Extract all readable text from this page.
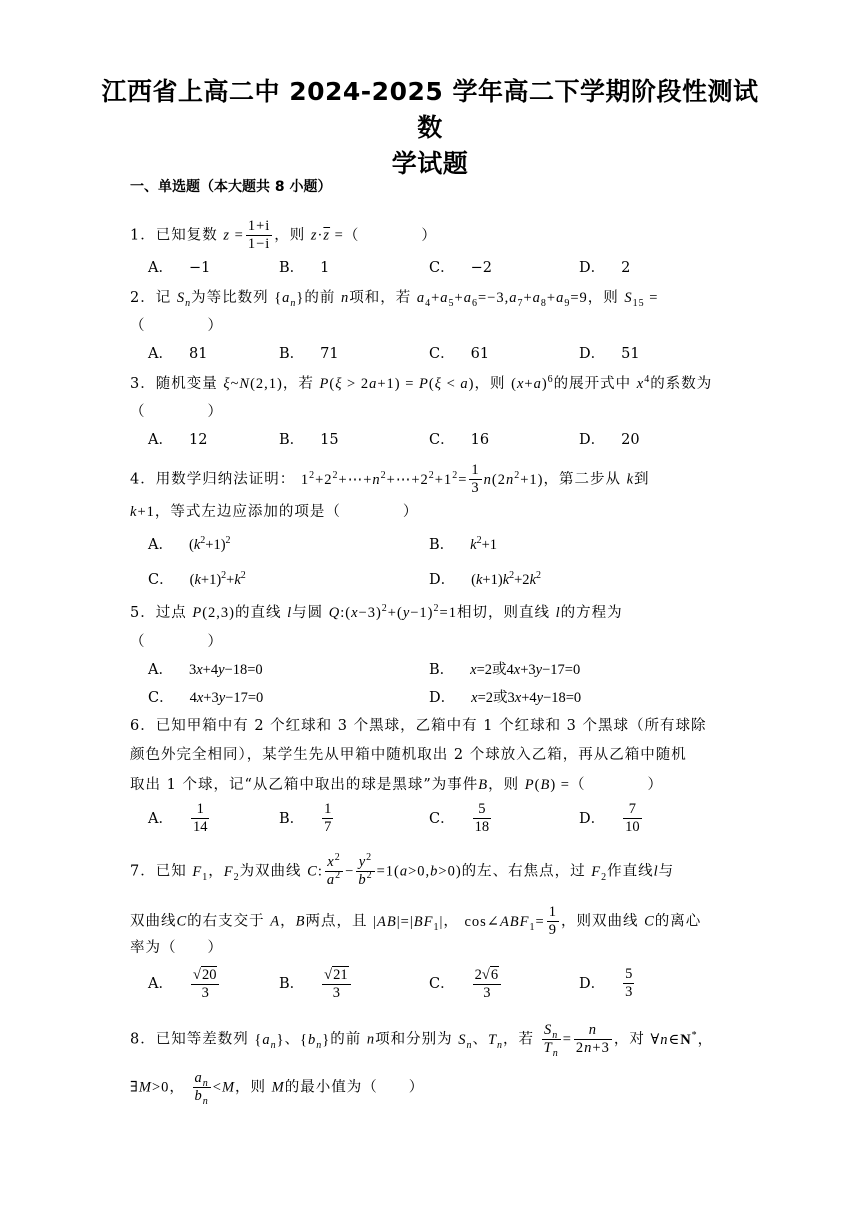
江西省上高二中 2024-2025 学年高二下学期阶段性测试数
学试题
一、单选题（本大题共 8 小题）
1．已知复数 $z = \frac{1+i}{1-i}$ ，则 $z\cdot\overline{z}$ =（　　　　）
A． −1	B． 1	C． −2	D． 2
2．记 $S_n$为等比数列 $\{a_n\}$的前 n项和，若 $a_4+a_5+a_6=-3,a_7+a_8+a_9=9$，则 $S_{15}$ =
（　　　　）
A． 81	B． 71	C． 61	D． 51
3．随机变量 ξ~N(2,1)，若 P(ξ > 2a+1) = P(ξ < a)，则 $(x+a)^6$的展开式中 $x^4$的系数为
（　　　　）
A． 12	B． 15	C． 16	D． 20
4．用数学归纳法证明： $1^2+2^2+\cdots+n^2+\cdots+2^2+1^2= \frac{1}{3} n(2n^2+1)$，第二步从 k到
k+1，等式左边应添加的项是（　　　　）
A． $(k^2+1)^2$	B． $k^2+1$
C． $(k+1)^2+k^2$	D． $(k+1)k^2+2k^2$
5．过点 P(2,3)的直线 l与圆 $Q:(x-3)^2+(y-1)^2=1$相切，则直线 l的方程为
（　　　　）
A． 3x+4y−18=0	B． x=2或4x+3y−17=0
C． 4x+3y−17=0	D． x=2或3x+4y−18=0
6．已知甲箱中有 2 个红球和 3 个黑球，乙箱中有 1 个红球和 3 个黑球（所有球除
颜色外完全相同），某学生先从甲箱中随机取出 2 个球放入乙箱，再从乙箱中随机
取出 1 个球，记“从乙箱中取出的球是黑球”为事件B，则 P(B) =（　　　　）
A． $\frac{1}{14}$	B． $\frac{1}{7}$	C． $\frac{5}{18}$	D． $\frac{7}{10}$
7．已知 $F_1$，$F_2$为双曲线 C: $\frac{x^2}{a^2} - \frac{y^2}{b^2} =1(a>0,b>0)$的左、右焦点，过 $F_2$作直线l与
双曲线C的右支交于 A，B两点，且 $|AB|=|BF_1|$， $\cos\angle ABF_1= \frac{1}{9}$ ，则双曲线 C的离心
率为（　　）
A． $\frac{√20}{3}$	B． $\frac{√21}{3}$	C． $\frac{2√6}{3}$	D． $\frac{5}{3}$
8．已知等差数列 $\{a_n\}$、$\{b_n\}$的前 n项和分别为 $S_n$、$T_n$，若 $\frac{S_n}{T_n} = \frac{n}{2n+3}$ ，对 ∀n∈N*，
∃M>0， $\frac{a_n}{b_n} <M$，则 M的最小值为（　　）
